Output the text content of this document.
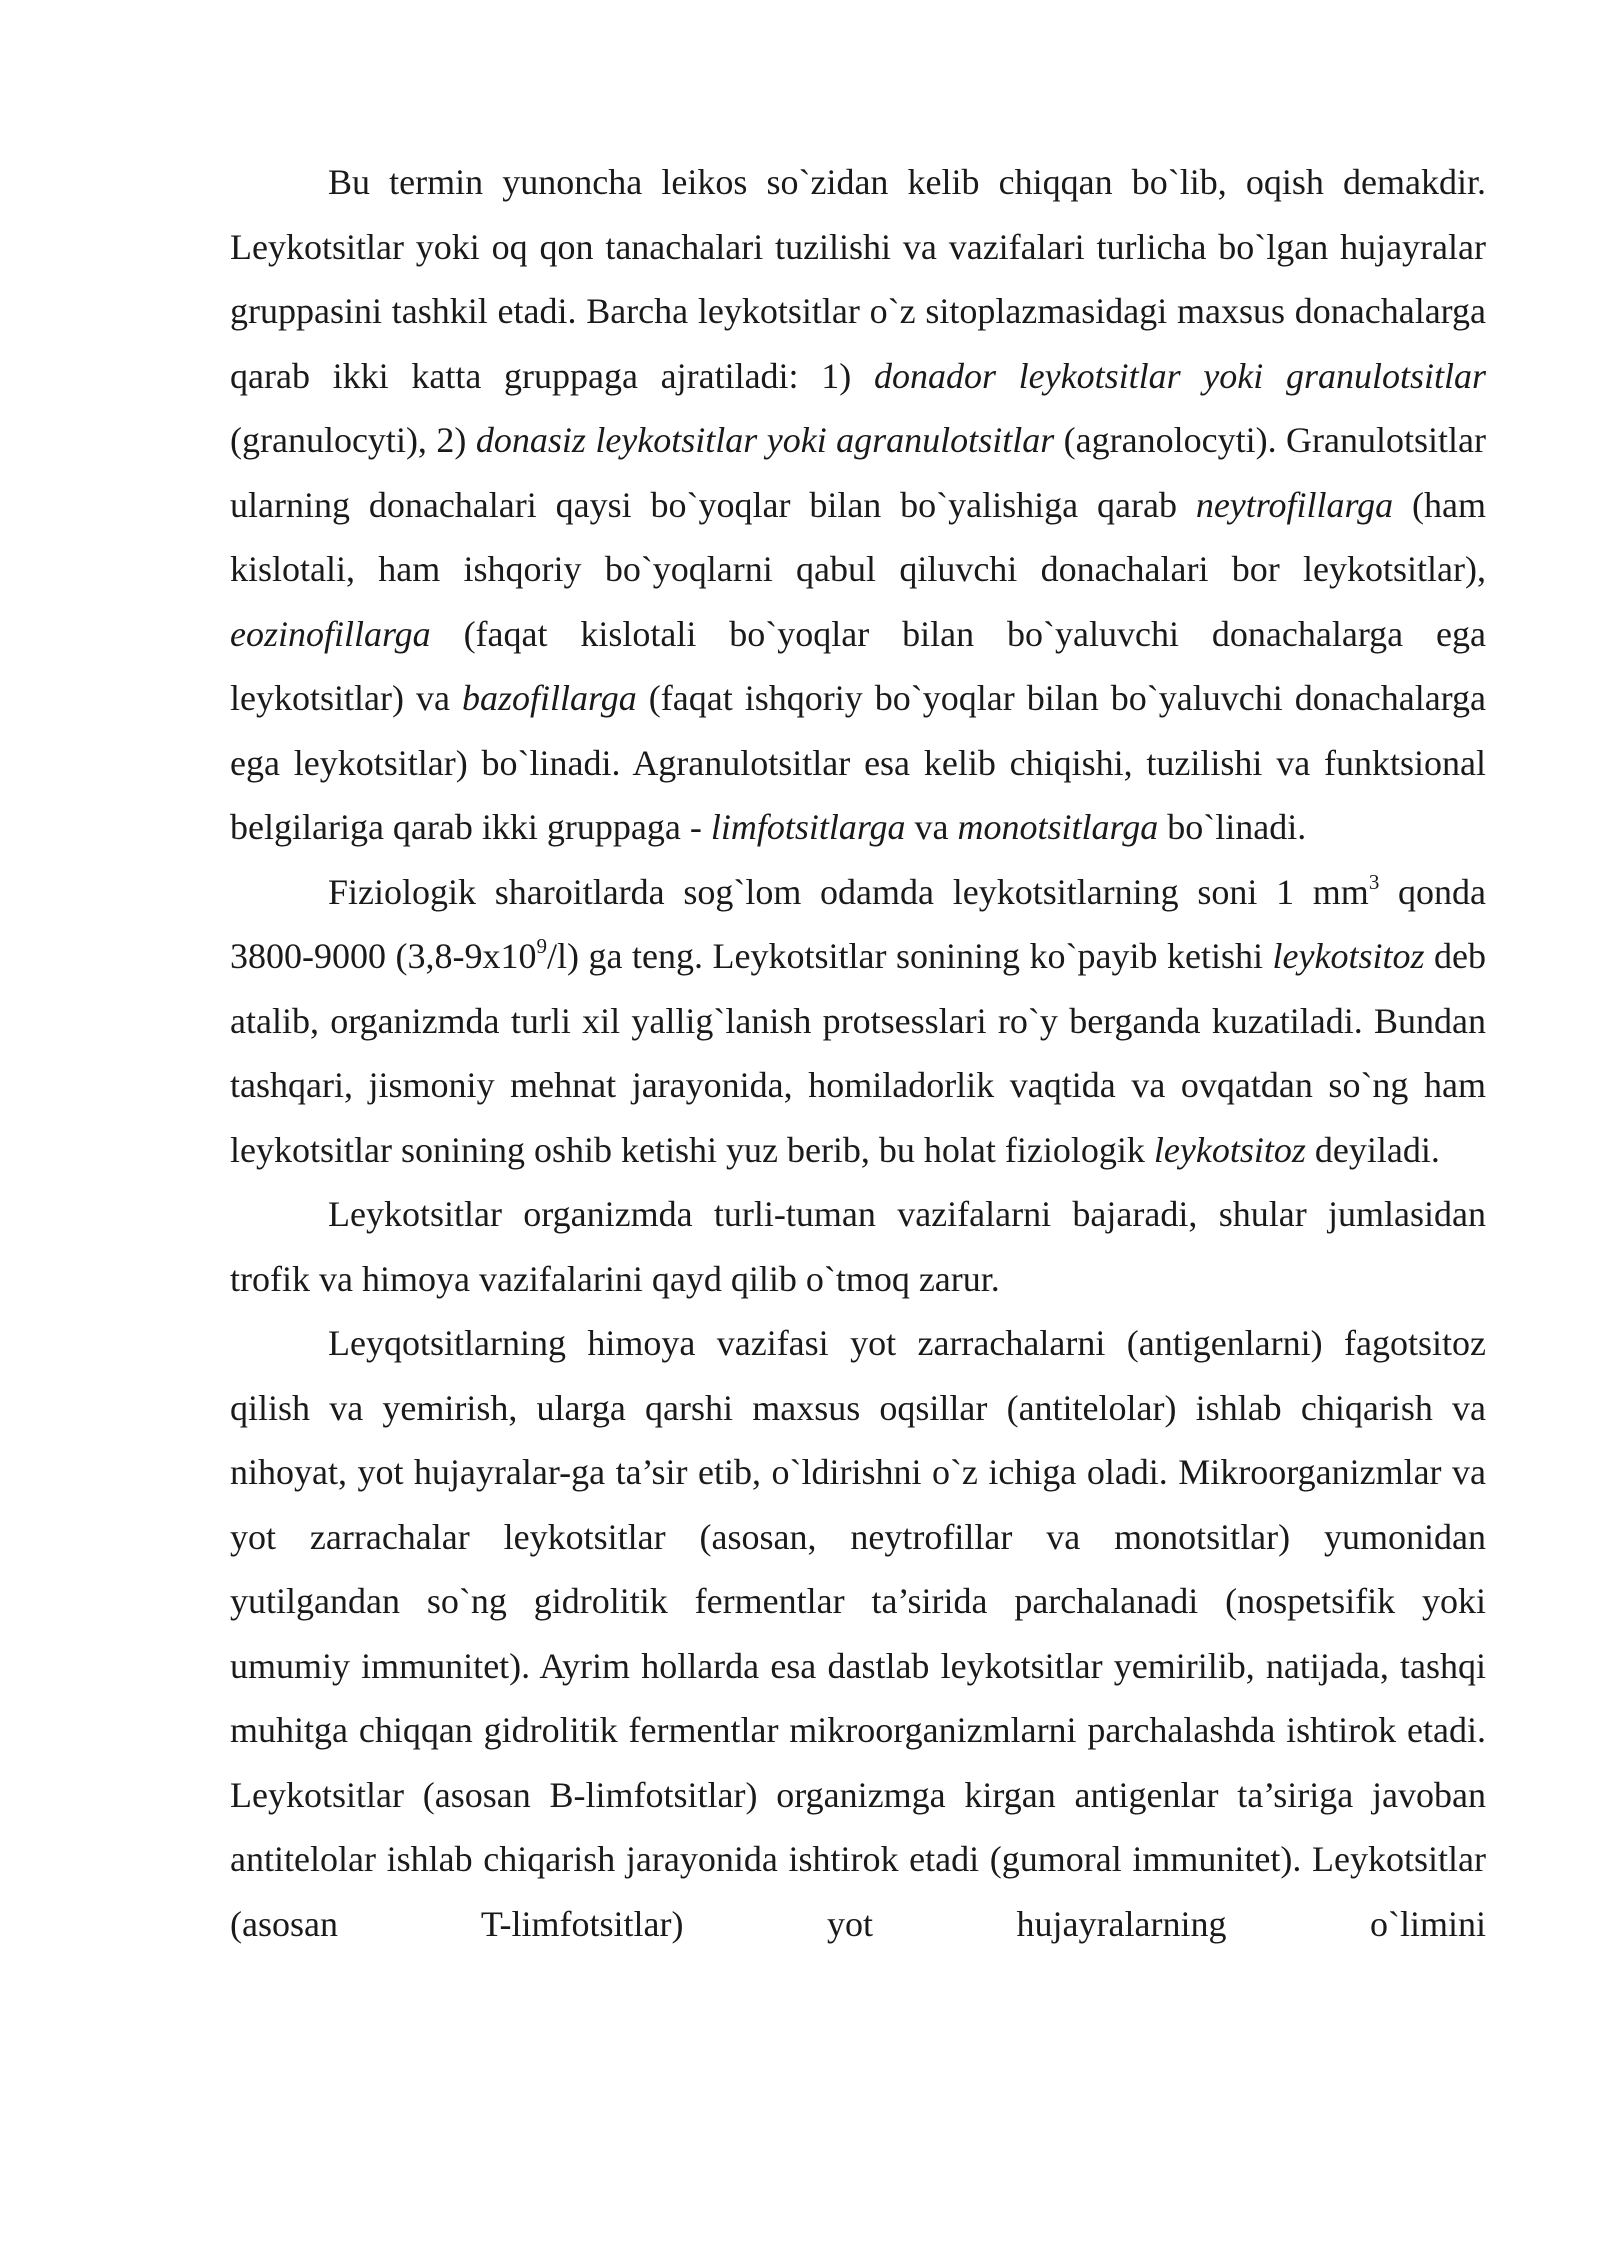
Bu termin yunoncha leikos so`zidan kelib chiqqan bo`lib, oqish demakdir. Leykotsitlar yoki oq qon tanachalari tuzilishi va vazifalari turlicha bo`lgan hujayralar gruppasini tashkil etadi. Barcha leykotsitlar o`z sitoplazmasidagi maxsus donachalarga qarab ikki katta gruppaga ajratiladi: 1) donador leykotsitlar yoki granulotsitlar (granulocyti), 2) donasiz leykotsitlar yoki agranulotsitlar (agranolocyti). Granulotsitlar ularning donachalari qaysi bo`yoqlar bilan bo`yalishiga qarab neytrofillarga (ham kislotali, ham ishqoriy bo`yoqlarni qabul qiluvchi donachalari bor leykotsitlar), eozinofillarga (faqat kislotali bo`yoqlar bilan bo`yaluvchi donachalarga ega leykotsitlar) va bazofillarga (faqat ishqoriy bo`yoqlar bilan bo`yaluvchi donachalarga ega leykotsitlar) bo`linadi. Agranulotsitlar esa kelib chiqishi, tuzilishi va funktsional belgilariga qarab ikki gruppaga - limfotsitlarga va monotsitlarga bo`linadi.

Fiziologik sharoitlarda sog`lom odamda leykotsitlarning soni 1 $mm^3$ qonda 3800-9000 $(3,8-9x10^9/l)$ ga teng. Leykotsitlar sonining ko`payib ketishi leykotsitoz deb atalib, organizmda turli xil yallig`lanish protsesslari ro`y berganda kuzatiladi. Bundan tashqari, jismoniy mehnat jarayonida, homiladorlik vaqtida va ovqatdan so`ng ham leykotsitlar sonining oshib ketishi yuz berib, bu holat fiziologik leykotsitoz deyiladi.

Leykotsitlar organizmda turli-tuman vazifalarni bajaradi, shular jumlasidan trofik va himoya vazifalarini qayd qilib o`tmoq zarur.

Leyqotsitlarning himoya vazifasi yot zarrachalarni (antigenlarni) fagotsitoz qilish va yemirish, ularga qarshi maxsus oqsillar (antitelolar) ishlab chiqarish va nihoyat, yot hujayralar-ga ta’sir etib, o`ldirishni o`z ichiga oladi. Mikroorganizmlar va yot zarrachalar leykotsitlar (asosan, neytrofillar va monotsitlar) yumonidan yutilgandan so`ng gidrolitik fermentlar ta’sirida parchalanadi (nospetsifik yoki umumiy immunitet). Ayrim hollarda esa dastlab leykotsitlar yemirilib, natijada, tashqi muhitga chiqqan gidrolitik fermentlar mikroorganizmlarni parchalashda ishtirok etadi. Leykotsitlar (asosan B-limfotsitlar) organizmga kirgan antigenlar ta’siriga javoban antitelolar ishlab chiqarish jarayonida ishtirok etadi (gumoral immunitet). Leykotsitlar (asosan T-limfotsitlar) yot hujayralarning o`limini
